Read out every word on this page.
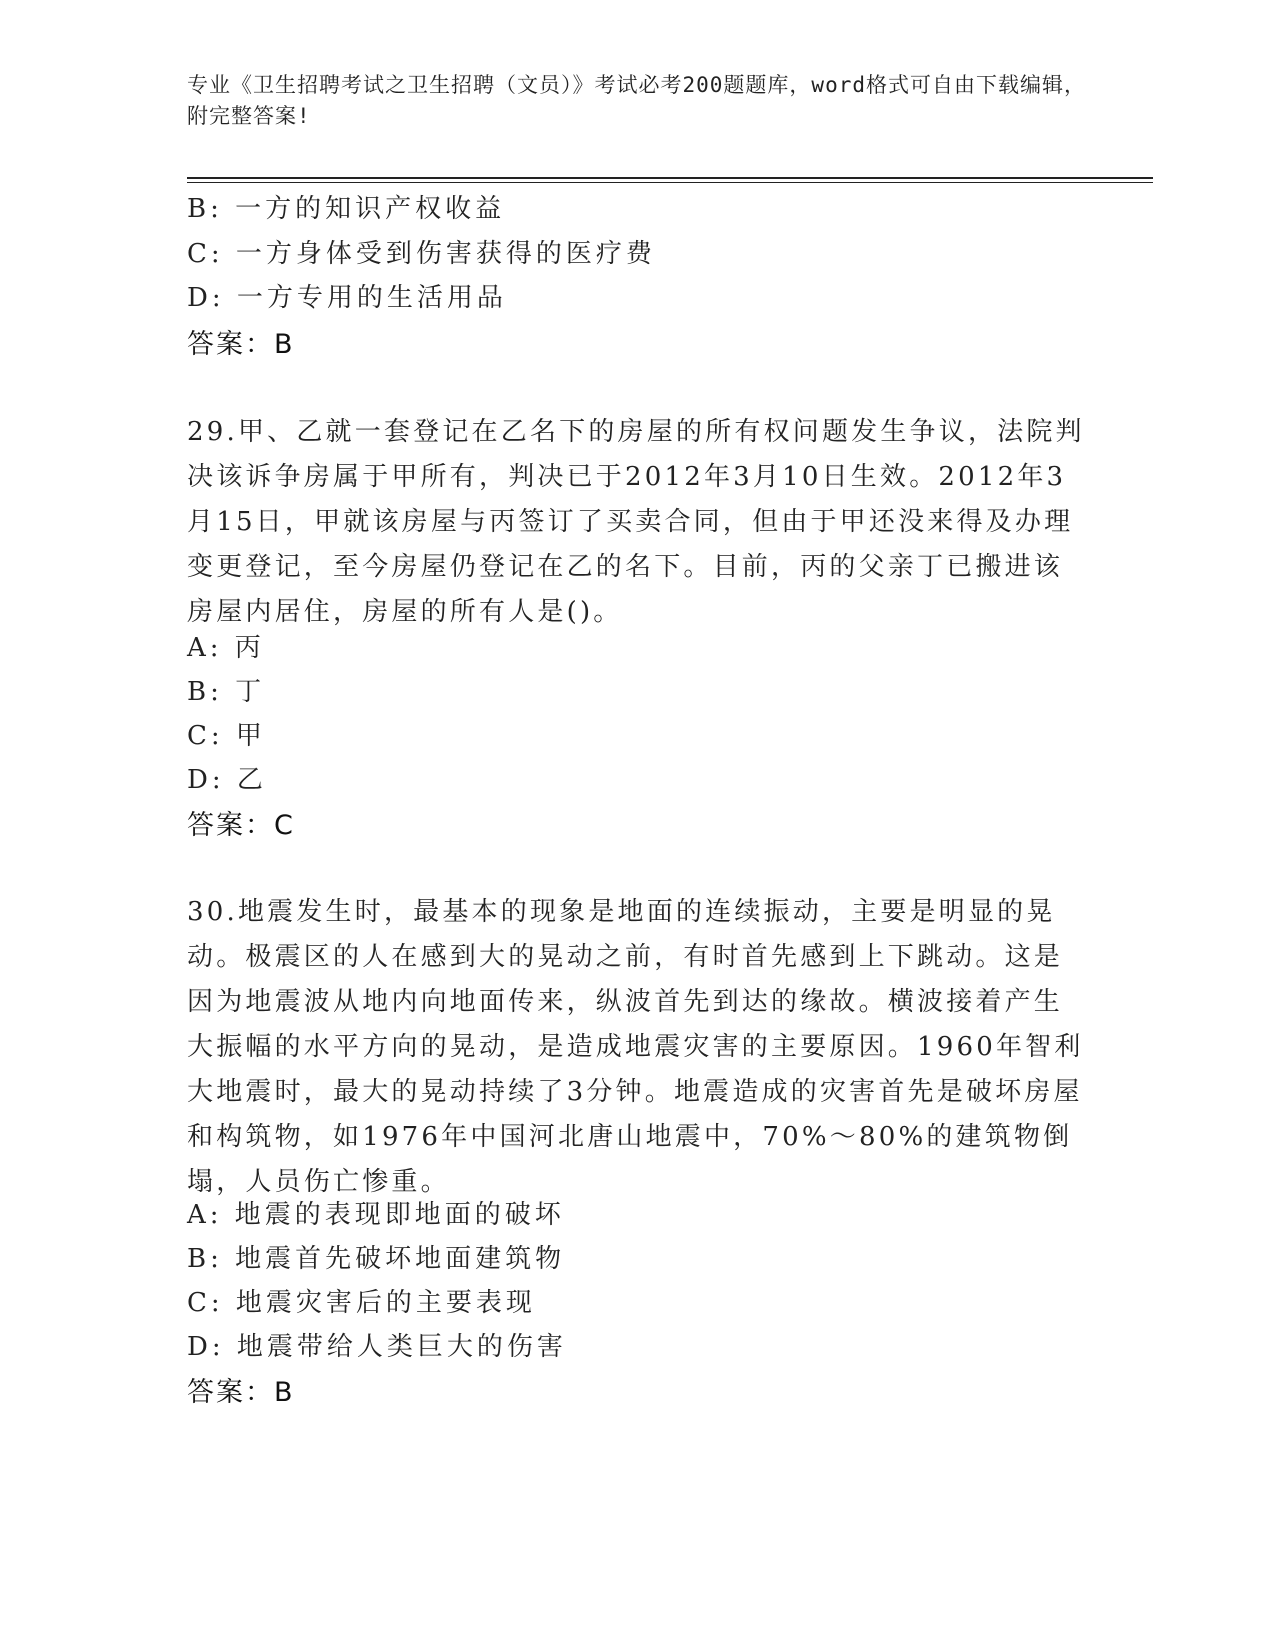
专业《卫生招聘考试之卫生招聘（文员）》考试必考200题题库，word格式可自由下载编辑，附完整答案!
B: 一方的知识产权收益
C: 一方身体受到伤害获得的医疗费
D: 一方专用的生活用品
答案：B
29.甲、乙就一套登记在乙名下的房屋的所有权问题发生争议，法院判决该诉争房属于甲所有，判决已于2012年3月10日生效。2012年3月15日，甲就该房屋与丙签订了买卖合同，但由于甲还没来得及办理变更登记，至今房屋仍登记在乙的名下。目前，丙的父亲丁已搬进该房屋内居住，房屋的所有人是()。
A: 丙
B: 丁
C: 甲
D: 乙
答案：C
30.地震发生时，最基本的现象是地面的连续振动，主要是明显的晃动。极震区的人在感到大的晃动之前，有时首先感到上下跳动。这是因为地震波从地内向地面传来，纵波首先到达的缘故。横波接着产生大振幅的水平方向的晃动，是造成地震灾害的主要原因。1960年智利大地震时，最大的晃动持续了3分钟。地震造成的灾害首先是破坏房屋和构筑物，如1976年中国河北唐山地震中，70%～80%的建筑物倒塌，人员伤亡惨重。
A: 地震的表现即地面的破坏
B: 地震首先破坏地面建筑物
C: 地震灾害后的主要表现
D: 地震带给人类巨大的伤害
答案：B
